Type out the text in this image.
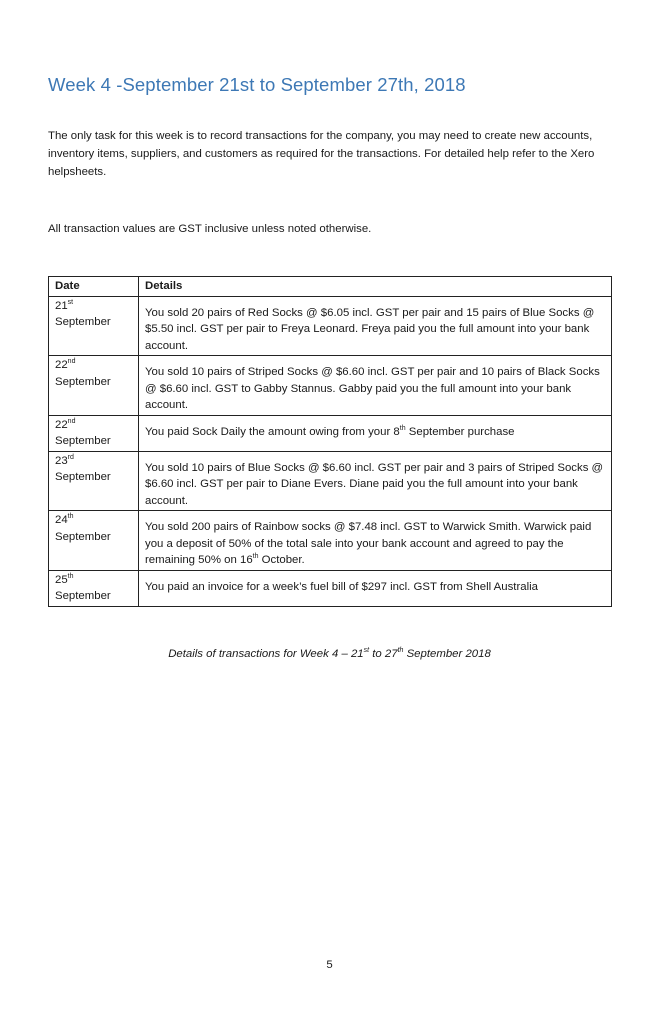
Week 4 -September 21st to September 27th, 2018

The only task for this week is to record transactions for the company, you may need to create new accounts, inventory items, suppliers, and customers as required for the transactions. For detailed help refer to the Xero helpsheets.

All transaction values are GST inclusive unless noted otherwise.

Date	Details
21st
September	You sold 20 pairs of Red Socks @ $6.05 incl. GST per pair and 15 pairs of Blue Socks @ $5.50 incl. GST per pair to Freya Leonard. Freya paid you the full amount into your bank account.
22nd
September	You sold 10 pairs of Striped Socks @ $6.60 incl. GST per pair and 10 pairs of Black Socks @ $6.60 incl. GST to Gabby Stannus. Gabby paid you the full amount into your bank account.
22nd
September	You paid Sock Daily the amount owing from your 8th September purchase
23rd
September	You sold 10 pairs of Blue Socks @ $6.60 incl. GST per pair and 3 pairs of Striped Socks @ $6.60 incl. GST per pair to Diane Evers. Diane paid you the full amount into your bank account.
24th
September	You sold 200 pairs of Rainbow socks @ $7.48 incl. GST to Warwick Smith. Warwick paid you a deposit of 50% of the total sale into your bank account and agreed to pay the remaining 50% on 16th October.
25th
September	You paid an invoice for a week’s fuel bill of $297 incl. GST from Shell Australia

Details of transactions for Week 4 – 21st to 27th September 2018

5
